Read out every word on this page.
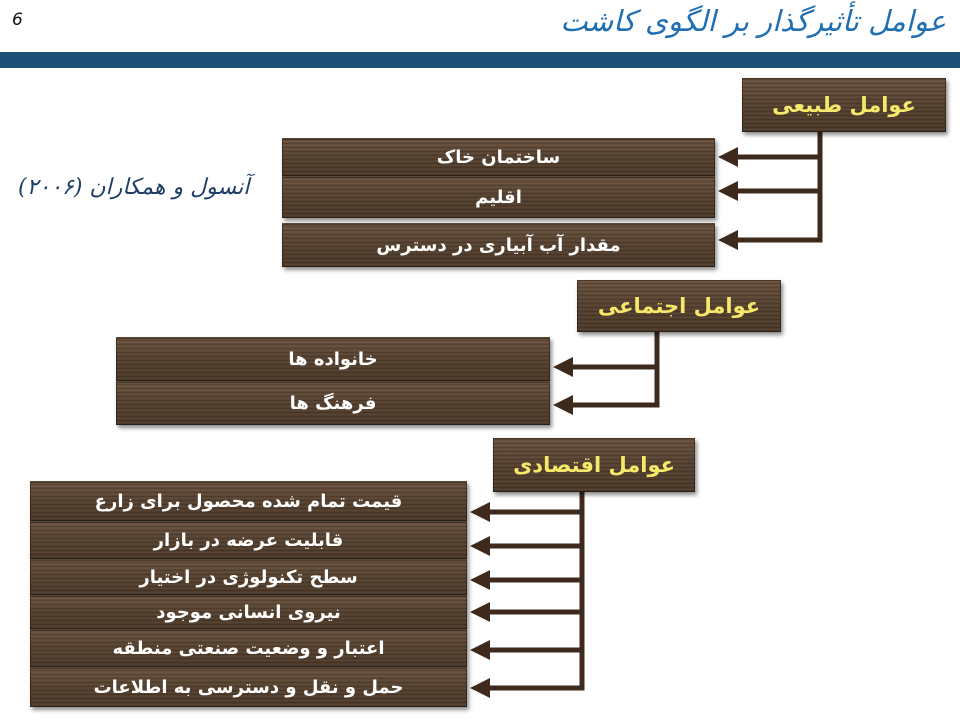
6	عوامل تأثیرگذار بر الگوی کاشت
آنسول و همکاران (۲۰۰۶)
عوامل طبیعی
ساختمان خاک
اقلیم
مقدار آب آبیاری در دسترس
عوامل اجتماعی
خانواده ها
فرهنگ ها
عوامل اقتصادی
قیمت تمام شده محصول برای زارع
قابلیت عرضه در بازار
سطح تکنولوژی در اختیار
نیروی انسانی موجود
اعتبار و وضعیت صنعتی منطقه
حمل و نقل و دسترسی به اطلاعات
